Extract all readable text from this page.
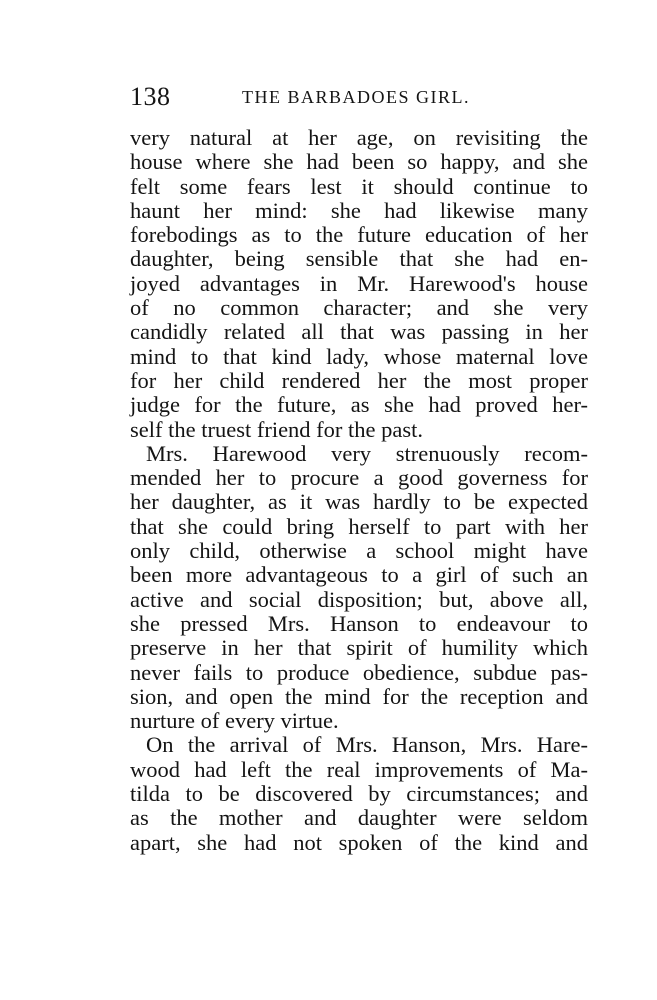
138	THE BARBADOES GIRL.
very natural at her age, on revisiting the
house where she had been so happy, and she
felt some fears lest it should continue to
haunt her mind: she had likewise many
forebodings as to the future education of her
daughter, being sensible that she had en-
joyed advantages in Mr. Harewood's house
of no common character; and she very
candidly related all that was passing in her
mind to that kind lady, whose maternal love
for her child rendered her the most proper
judge for the future, as she had proved her-
self the truest friend for the past.
Mrs. Harewood very strenuously recom-
mended her to procure a good governess for
her daughter, as it was hardly to be expected
that she could bring herself to part with her
only child, otherwise a school might have
been more advantageous to a girl of such an
active and social disposition; but, above all,
she pressed Mrs. Hanson to endeavour to
preserve in her that spirit of humility which
never fails to produce obedience, subdue pas-
sion, and open the mind for the reception and
nurture of every virtue.
On the arrival of Mrs. Hanson, Mrs. Hare-
wood had left the real improvements of Ma-
tilda to be discovered by circumstances; and
as the mother and daughter were seldom
apart, she had not spoken of the kind and
